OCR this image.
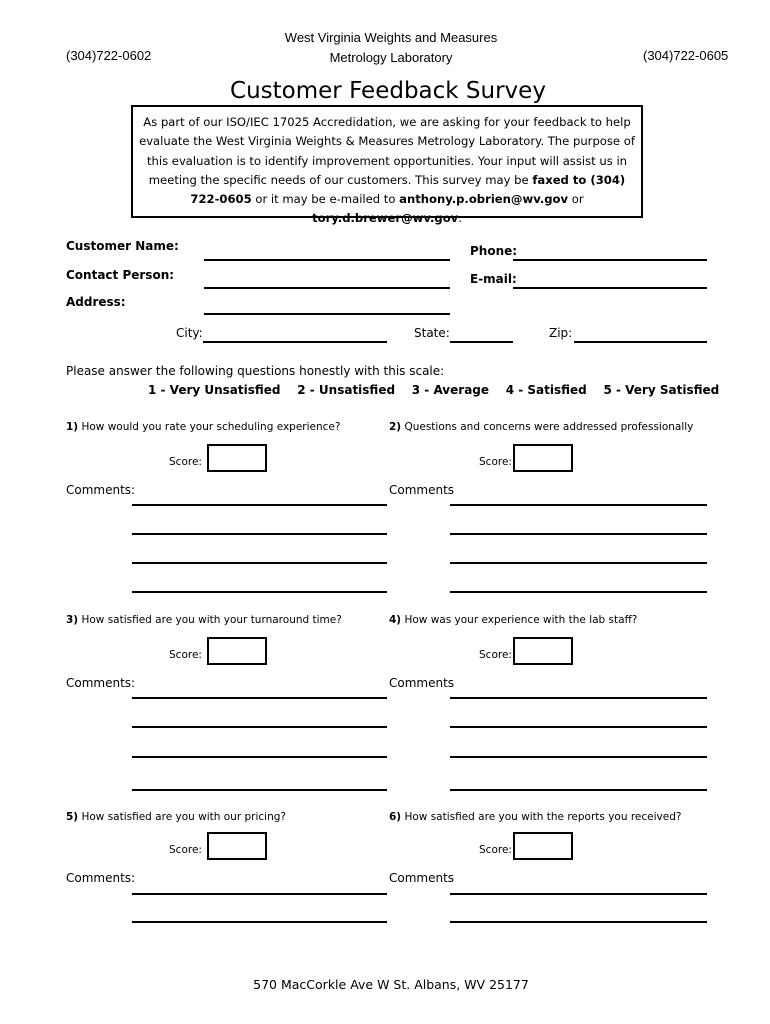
West Virginia Weights and Measures
Metrology Laboratory
(304)722-0602	(304)722-0605
Customer Feedback Survey
As part of our ISO/IEC 17025 Accredidation, we are asking for your feedback to help evaluate the West Virginia Weights & Measures Metrology Laboratory. The purpose of this evaluation is to identify improvement opportunities. Your input will assist us in meeting the specific needs of our customers. This survey may be faxed to (304) 722-0605 or it may be e-mailed to anthony.p.obrien@wv.gov or tory.d.brewer@wv.gov.
Customer Name:
Contact Person:
Address:
Phone:
E-mail:
City:	State:	Zip:
Please answer the following questions honestly with this scale:
1 - Very Unsatisfied    2 - Unsatisfied    3 - Average    4 - Satisfied    5 - Very Satisfied
1) How would you rate your scheduling experience?
Score:
Comments:
2) Questions and concerns were addressed professionally
Score:
Comments
3) How satisfied are you with your turnaround time?
Score:
Comments:
4) How was your experience with the lab staff?
Score:
Comments
5) How satisfied are you with our pricing?
Score:
Comments:
6) How satisfied are you with the reports you received?
Score:
Comments
570 MacCorkle Ave W St. Albans, WV 25177
